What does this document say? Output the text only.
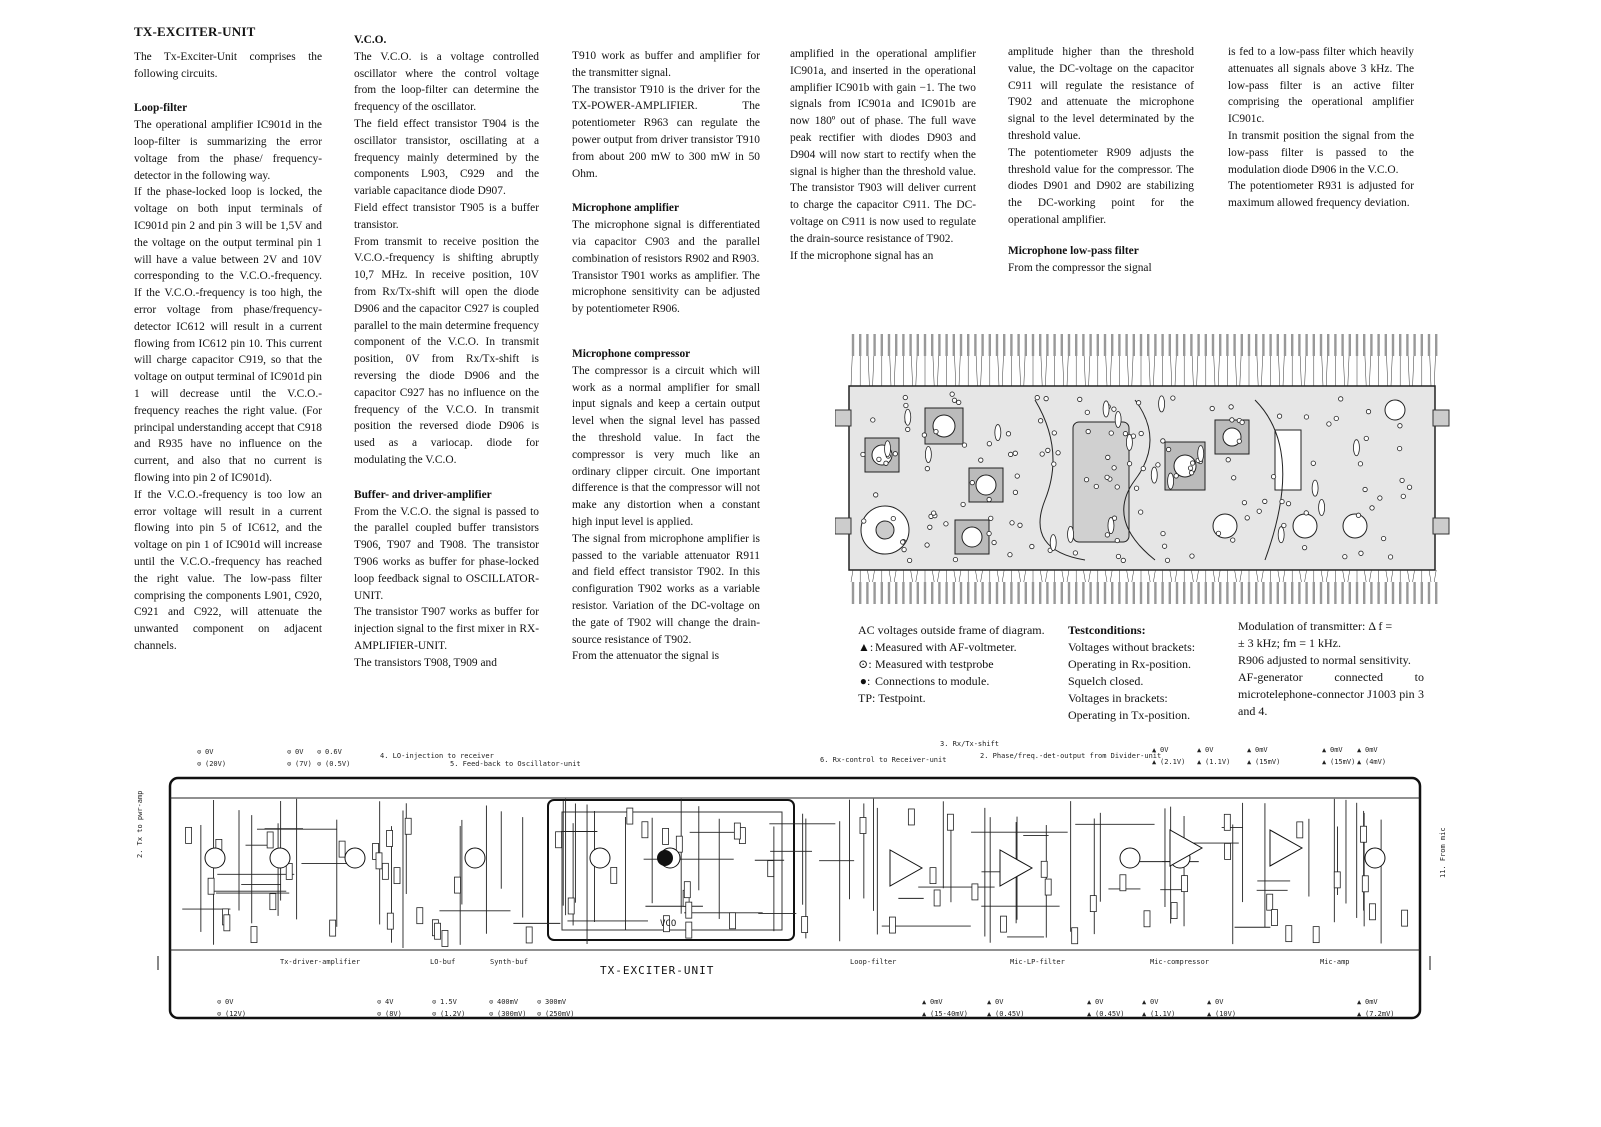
TX-EXCITER-UNIT

The Tx-Exciter-Unit comprises the following circuits.

Loop-filter

The operational amplifier IC901d in the loop-filter is summarizing the error voltage from the phase/ frequency-detector in the following way.

If the phase-locked loop is locked, the voltage on both input terminals of IC901d pin 2 and pin 3 will be 1,5V and the voltage on the output terminal pin 1 will have a value between 2V and 10V corresponding to the V.C.O.-frequency. If the V.C.O.-frequency is too high, the error voltage from phase/frequency-detector IC612 will result in a current flowing from IC612 pin 10. This current will charge capacitor C919, so that the voltage on output terminal of IC901d pin 1 will decrease until the V.C.O.-frequency reaches the right value. (For principal understanding accept that C918 and R935 have no influence on the current, and also that no current is flowing into pin 2 of IC901d).

If the V.C.O.-frequency is too low an error voltage will result in a current flowing into pin 5 of IC612, and the voltage on pin 1 of IC901d will increase until the V.C.O.-frequency has reached the right value. The low-pass filter comprising the components L901, C920, C921 and C922, will attenuate the unwanted component on adjacent channels.

V.C.O.

The V.C.O. is a voltage controlled oscillator where the control voltage from the loop-filter can determine the frequency of the oscillator.

The field effect transistor T904 is the oscillator transistor, oscillating at a frequency mainly determined by the components L903, C929 and the variable capacitance diode D907.

Field effect transistor T905 is a buffer transistor.

From transmit to receive position the V.C.O.-frequency is shifting abruptly 10,7 MHz. In receive position, 10V from Rx/Tx-shift will open the diode D906 and the capacitor C927 is coupled parallel to the main determine frequency component of the V.C.O. In transmit position, 0V from Rx/Tx-shift is reversing the diode D906 and the capacitor C927 has no influence on the frequency of the V.C.O. In transmit position the reversed diode D906 is used as a variocap. diode for modulating the V.C.O.

Buffer- and driver-amplifier

From the V.C.O. the signal is passed to the parallel coupled buffer transistors T906, T907 and T908. The transistor T906 works as buffer for phase-locked loop feedback signal to OSCILLATOR-UNIT.

The transistor T907 works as buffer for injection signal to the first mixer in RX-AMPLIFIER-UNIT.

The transistors T908, T909 and

T910 work as buffer and amplifier for the transmitter signal.

The transistor T910 is the driver for the TX-POWER-AMPLIFIER. The potentiometer R963 can regulate the power output from driver transistor T910 from about 200 mW to 300 mW in 50 Ohm.

Microphone amplifier

The microphone signal is differentiated via capacitor C903 and the parallel combination of resistors R902 and R903.

Transistor T901 works as amplifier. The microphone sensitivity can be adjusted by potentiometer R906.

Microphone compressor

The compressor is a circuit which will work as a normal amplifier for small input signals and keep a certain output level when the signal level has passed the threshold value. In fact the compressor is very much like an ordinary clipper circuit. One important difference is that the compressor will not make any distortion when a constant high input level is applied.

The signal from microphone amplifier is passed to the variable attenuator R911 and field effect transistor T902. In this configuration T902 works as a variable resistor. Variation of the DC-voltage on the gate of T902 will change the drain-source resistance of T902.

From the attenuator the signal is

amplified in the operational amplifier IC901a, and inserted in the operational amplifier IC901b with gain −1. The two signals from IC901a and IC901b are now 180º out of phase. The full wave peak rectifier with diodes D903 and D904 will now start to rectify when the signal is higher than the threshold value. The transistor T903 will deliver current to charge the capacitor C911. The DC-voltage on C911 is now used to regulate the drain-source resistance of T902.

If the microphone signal has an

amplitude higher than the threshold value, the DC-voltage on the capacitor C911 will regulate the resistance of T902 and attenuate the microphone signal to the level determinated by the threshold value.

The potentiometer R909 adjusts the threshold value for the compressor. The diodes D901 and D902 are stabilizing the DC-working point for the operational amplifier.

Microphone low-pass filter

From the compressor the signal

is fed to a low-pass filter which heavily attenuates all signals above 3 kHz. The low-pass filter is an active filter comprising the operational amplifier IC901c.

In transmit position the signal from the low-pass filter is passed to the modulation diode D906 in the V.C.O.

The potentiometer R931 is adjusted for maximum allowed frequency deviation.

AC voltages outside frame of diagram.

▲: Measured with AF-voltmeter.

⊙: Measured with testprobe

●: Connections to module.

TP: Testpoint.

Testconditions:

Voltages without brackets:

Operating in Rx-position.

Squelch closed.

Voltages in brackets:

Operating in Tx-position.

Modulation of transmitter: Δ f =

± 3 kHz; fm = 1 kHz.

R906 adjusted to normal sensitivity.

AF-generator connected to microtelephone-connector J1003 pin 3 and 4.

TX-EXCITER-UNIT
VCO
Tx-driver-amplifier	LO-buf	Synth-buf	Loop-filter	Mic-LP-filter	Mic-compressor	Mic-amp
4. LO-injection to receiver
5. Feed-back to Oscillator-unit	6. Rx-control to Receiver-unit
3. Rx/Tx-shift
2. Phase/freq.-det-output from Divider-unit
2. Tx to pwr-amp	11. From mic
⊙ 0V
⊙ (20V)
⊙ 0V
⊙ (7V)
⊙ 0.6V
⊙ (0.5V)
⊙ 0V
⊙ (12V)
⊙ 4V
⊙ (8V)
⊙ 1.5V
⊙ (1.2V)
⊙ 400mV
⊙ (300mV)
⊙ 300mV
⊙ (250mV)
▲ 0V
▲ (2.1V)
▲ 0V
▲ (1.1V)
▲ 0mV
▲ (15mV)
▲ 0mV
▲ (15mV)
▲ 0mV
▲ (4mV)
▲ 0mV
▲ (15-40mV)
▲ 0V
▲ (0.45V)
▲ 0V
▲ (0.45V)
▲ 0V
▲ (1.1V)
▲ 0V
▲ (10V)
▲ 0mV
▲ (7.2mV)
